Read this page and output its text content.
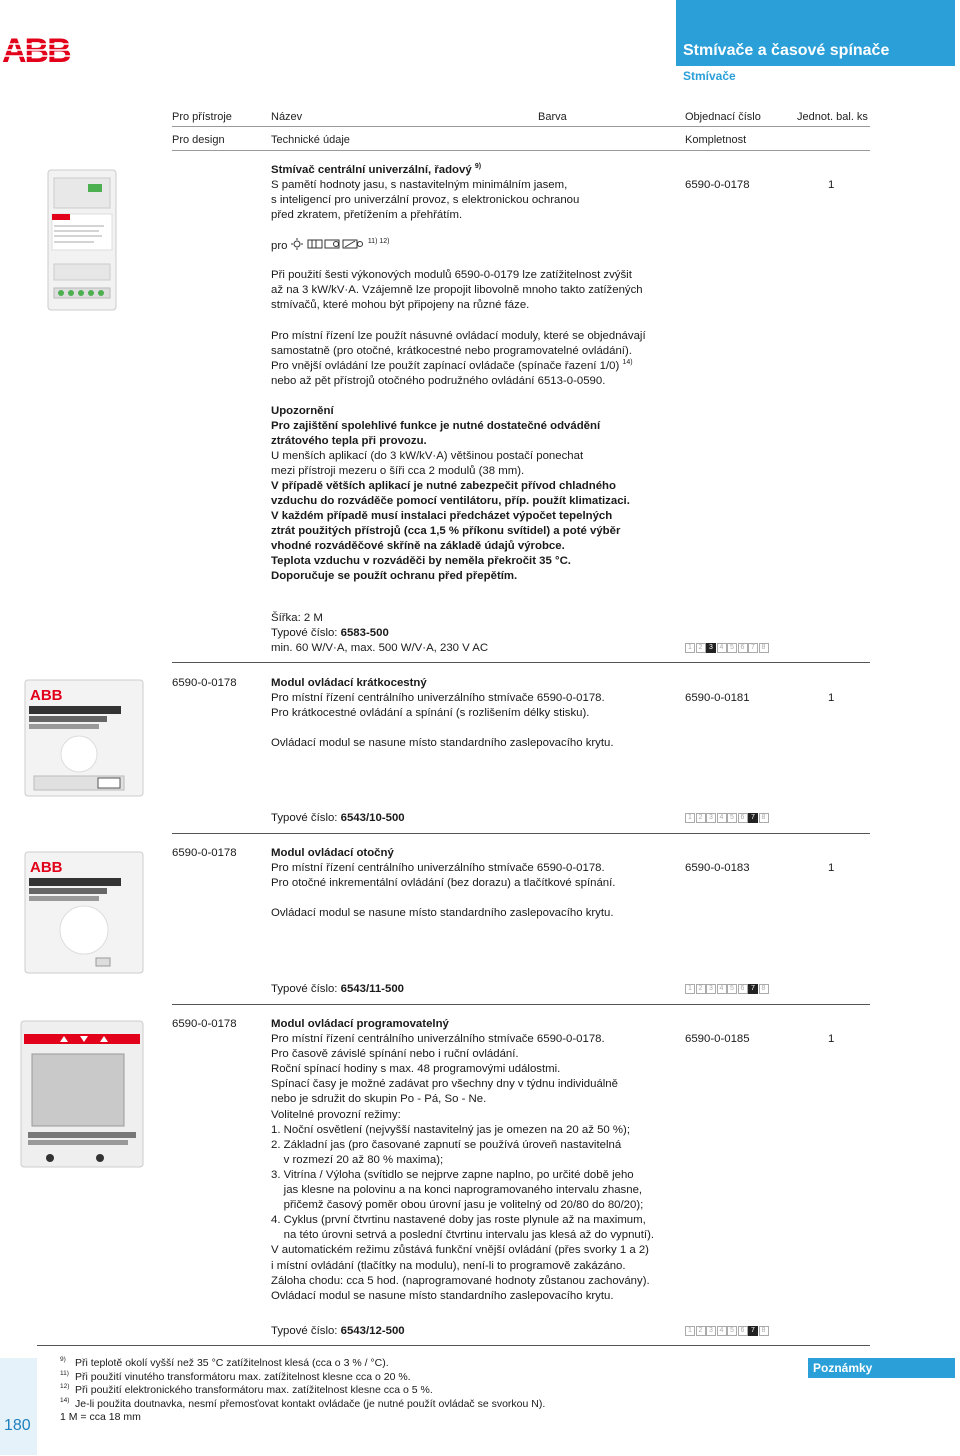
ABB	Stmívače a časové spínače
Stmívače
Pro přístroje	Název	Barva	Objednací číslo	Jednot. bal. ks
Pro design	Technické údaje	Kompletnost
Stmívač centrální univerzální, řadový $^{9)}$
S pamětí hodnoty jasu, s nastavitelným minimálním jasem,
s inteligencí pro univerzální provoz, s elektronickou ochranou
před zkratem, přetížením a přehřátím.
6590-0-0178	1
pro	$^{11) 12)}$
Při použití šesti výkonových modulů 6590-0-0179 lze zatížitelnost zvýšit
až na 3 kW/kV·A. Vzájemně lze propojit libovolně mnoho takto zatížených
stmívačů, které mohou být připojeny na různé fáze.
Pro místní řízení lze použít násuvné ovládací moduly, které se objednávají
samostatně (pro otočné, krátkocestné nebo programovatelné ovládání).
Pro vnější ovládání lze použít zapínací ovládače (spínače řazení 1/0) $^{14)}$
nebo až pět přístrojů otočného podružného ovládání 6513-0-0590.
Upozornění
Pro zajištění spolehlivé funkce je nutné dostatečné odvádění
ztrátového tepla při provozu.
U menších aplikací (do 3 kW/kV·A) většinou postačí ponechat
mezi přístroji mezeru o šíři cca 2 modulů (38 mm).
V případě větších aplikací je nutné zabezpečit přívod chladného
vzduchu do rozváděče pomocí ventilátoru, příp. použít klimatizaci.
V každém případě musí instalaci předcházet výpočet tepelných
ztrát použitých přístrojů (cca 1,5 % příkonu svítidel) a poté výběr
vhodné rozváděčové skříně na základě údajů výrobce.
Teplota vzduchu v rozváděči by neměla překročit 35 °C.
Doporučuje se použít ochranu před přepětím.
Šířka: 2 M
Typové číslo: 6583-500
min. 60 W/V·A, max. 500 W/V·A, 230 V AC	1 2 3 4 5 6 7 8
ABB
6590-0-0178	Modul ovládací krátkocestný
Pro místní řízení centrálního univerzálního stmívače 6590-0-0178.
Pro krátkocestné ovládání a spínání (s rozlišením délky stisku).
Ovládací modul se nasune místo standardního zaslepovacího krytu.
6590-0-0181	1
Typové číslo: 6543/10-500	1 2 3 4 5 6 7 8
ABB
6590-0-0178	Modul ovládací otočný
Pro místní řízení centrálního univerzálního stmívače 6590-0-0178.
Pro otočné inkrementální ovládání (bez dorazu) a tlačítkové spínání.
Ovládací modul se nasune místo standardního zaslepovacího krytu.
6590-0-0183	1
Typové číslo: 6543/11-500	1 2 3 4 5 6 7 8
6590-0-0178	Modul ovládací programovatelný
Pro místní řízení centrálního univerzálního stmívače 6590-0-0178.
Pro časově závislé spínání nebo i ruční ovládání.
Roční spínací hodiny s max. 48 programovými událostmi.
Spínací časy je možné zadávat pro všechny dny v týdnu individuálně
nebo je sdružit do skupin Po - Pá, So - Ne.
Volitelné provozní režimy:
1. Noční osvětlení (nejvyšší nastavitelný jas je omezen na 20 až 50 %);
2. Základní jas (pro časované zapnutí se používá úroveň nastavitelná
v rozmezí 20 až 80 % maxima);
3. Vitrína / Výloha (svítidlo se nejprve zapne naplno, po určité době jeho
jas klesne na polovinu a na konci naprogramovaného intervalu zhasne,
přičemž časový poměr obou úrovní jasu je volitelný od 20/80 do 80/20);
4. Cyklus (první čtvrtinu nastavené doby jas roste plynule až na maximum,
na této úrovni setrvá a poslední čtvrtinu intervalu jas klesá až do vypnutí).
V automatickém režimu zůstává funkční vnější ovládání (přes svorky 1 a 2)
i místní ovládání (tlačítky na modulu), není-li to programově zakázáno.
Záloha chodu: cca 5 hod. (naprogramované hodnoty zůstanou zachovány).
Ovládací modul se nasune místo standardního zaslepovacího krytu.
6590-0-0185	1
Typové číslo: 6543/12-500	1 2 3 4 5 6 7 8
180
9) Při teplotě okolí vyšší než 35 °C zatížitelnost klesá (cca o 3 % / °C).
11) Při použití vinutého transformátoru max. zatížitelnost klesne cca o 20 %.
12) Při použití elektronického transformátoru max. zatížitelnost klesne cca o 5 %.
14) Je-li použita doutnavka, nesmí přemosťovat kontakt ovládače (je nutné použít ovládač se svorkou N).
1 M = cca 18 mm
Poznámky
